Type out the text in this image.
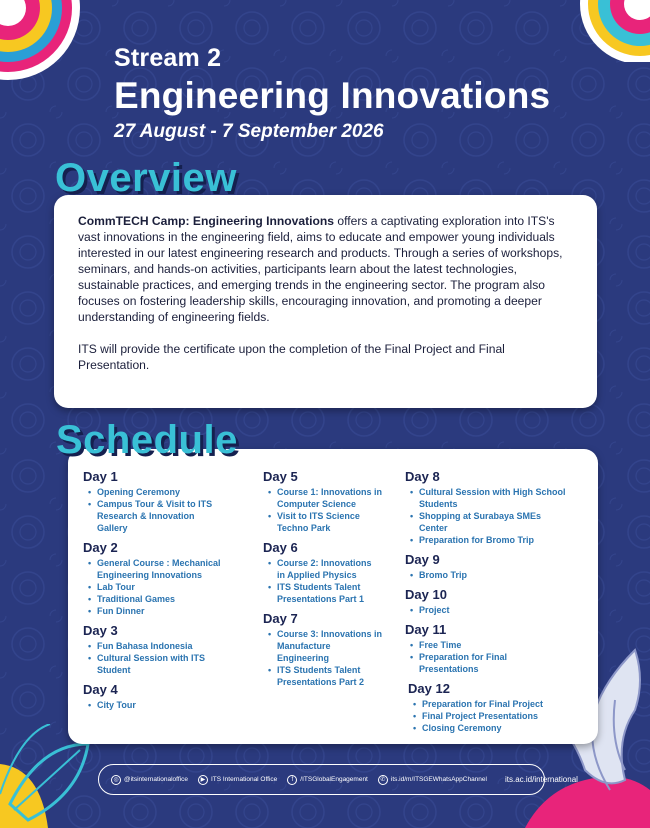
Stream 2
Engineering Innovations
27 August - 7 September 2026
Overview

CommTECH Camp: Engineering Innovations offers a captivating exploration into ITS's vast innovations in the engineering field, aims to educate and empower young individuals interested in our latest engineering research and products. Through a series of workshops, seminars, and hands-on activities, participants learn about the latest technologies, sustainable practices, and emerging trends in the engineering sector. The program also focuses on fostering leadership skills, encouraging innovation, and promoting a deeper understanding of engineering fields.

ITS will provide the certificate upon the completion of the Final Project and Final Presentation.

Schedule
Day 1
• Opening Ceremony
• Campus Tour & Visit to ITS Research & Innovation Gallery
Day 2
• General Course : Mechanical Engineering Innovations
• Lab Tour
• Traditional Games
• Fun Dinner
Day 3
• Fun Bahasa Indonesia
• Cultural Session with ITS Student
Day 4
• City Tour
Day 5
• Course 1: Innovations in Computer Science
• Visit to ITS Science Techno Park
Day 6
• Course 2: Innovations in Applied Physics
• ITS Students Talent Presentations Part 1
Day 7
• Course 3: Innovations in Manufacture Engineering
• ITS Students Talent Presentations Part 2
Day 8
• Cultural Session with High School Students
• Shopping at Surabaya SMEs Center
• Preparation for Bromo Trip
Day 9
• Bromo Trip
Day 10
• Project
Day 11
• Free Time
• Preparation for Final Presentations
Day 12
• Preparation for Final Project
• Final Project Presentations
• Closing Ceremony
◎ @itsinternationaloffice	▶ ITS International Office	f	/ITSGlobalEngagement	✆ its.id/m/ITSGEWhatsAppChannel its.ac.id/international
